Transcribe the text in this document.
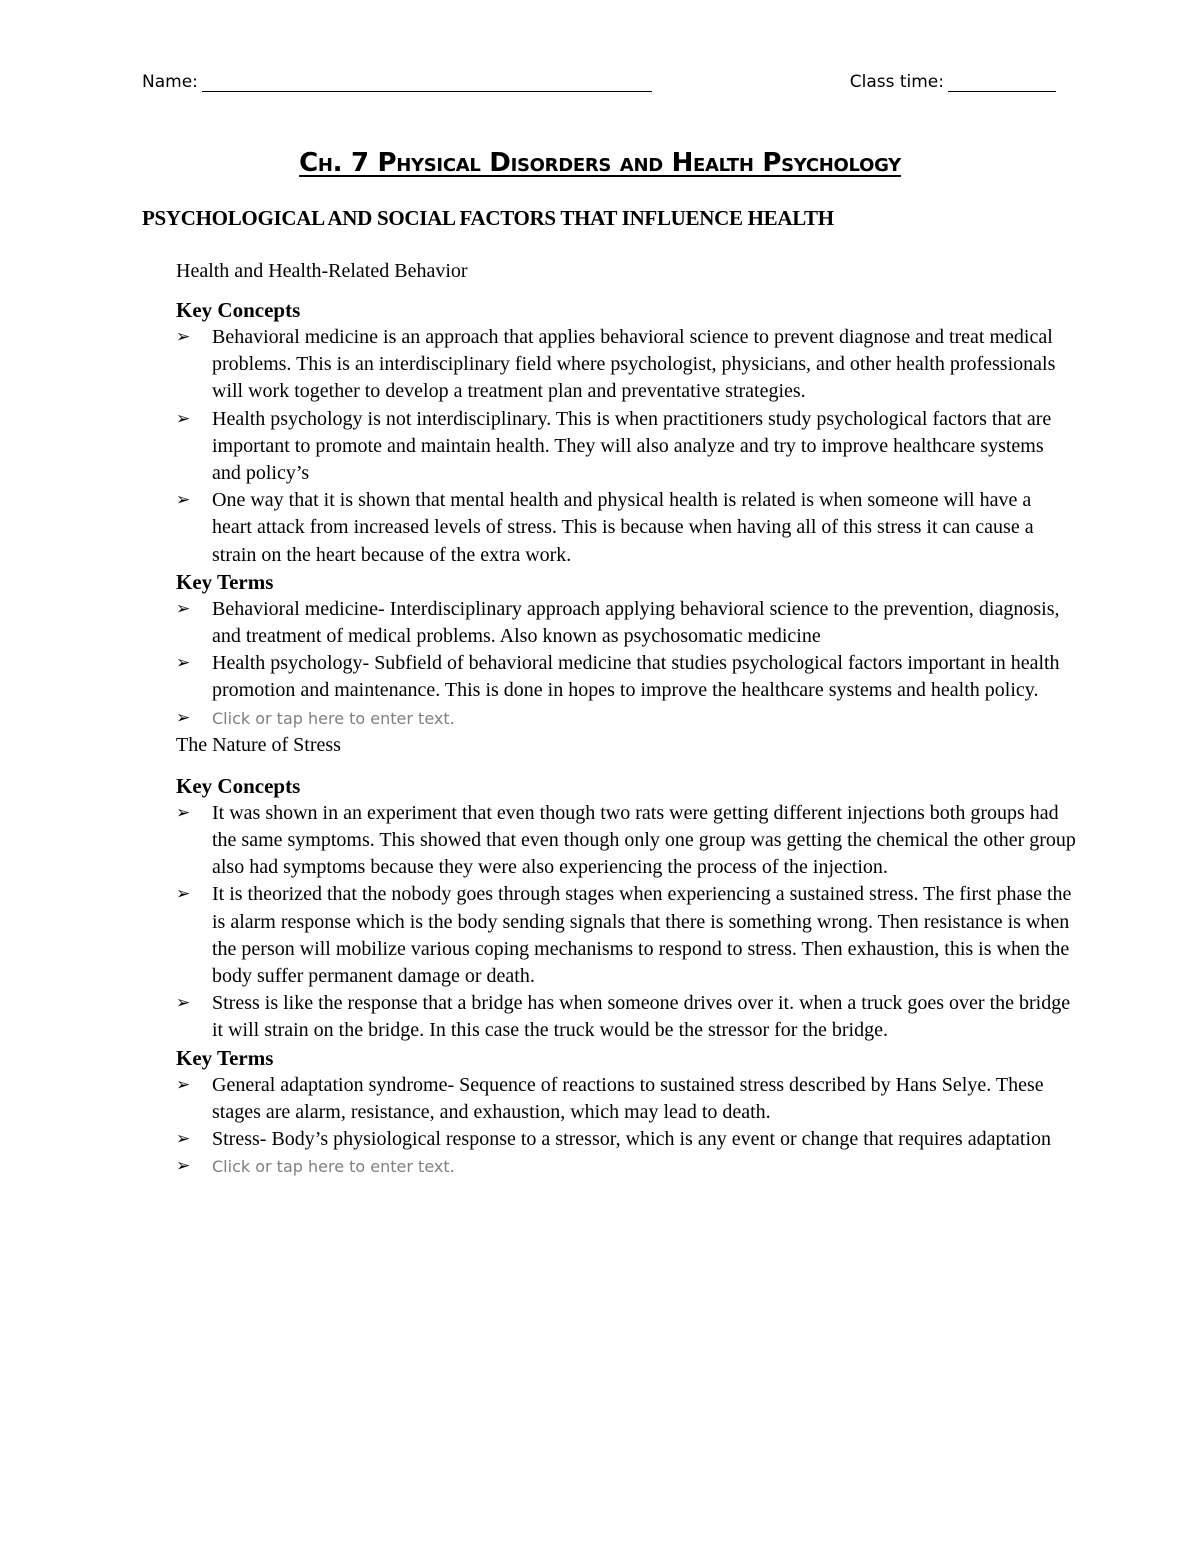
Name:	Class time:
Ch. 7 Physical Disorders and Health Psychology
PSYCHOLOGICAL AND SOCIAL FACTORS THAT INFLUENCE HEALTH
Health and Health-Related Behavior
Key Concepts
➢ Behavioral medicine is an approach that applies behavioral science to prevent diagnose and treat medical problems. This is an interdisciplinary field where psychologist, physicians, and other health professionals will work together to develop a treatment plan and preventative strategies.
➢ Health psychology is not interdisciplinary. This is when practitioners study psychological factors that are important to promote and maintain health. They will also analyze and try to improve healthcare systems and policy’s
➢ One way that it is shown that mental health and physical health is related is when someone will have a heart attack from increased levels of stress. This is because when having all of this stress it can cause a strain on the heart because of the extra work.
Key Terms
➢ Behavioral medicine- Interdisciplinary approach applying behavioral science to the prevention, diagnosis, and treatment of medical problems. Also known as psychosomatic medicine
➢ Health psychology- Subfield of behavioral medicine that studies psychological factors important in health promotion and maintenance. This is done in hopes to improve the healthcare systems and health policy.
➢ Click or tap here to enter text.
The Nature of Stress
Key Concepts
➢ It was shown in an experiment that even though two rats were getting different injections both groups had the same symptoms. This showed that even though only one group was getting the chemical the other group also had symptoms because they were also experiencing the process of the injection.
➢ It is theorized that the nobody goes through stages when experiencing a sustained stress. The first phase the is alarm response which is the body sending signals that there is something wrong. Then resistance is when the person will mobilize various coping mechanisms to respond to stress. Then exhaustion, this is when the body suffer permanent damage or death.
➢ Stress is like the response that a bridge has when someone drives over it. when a truck goes over the bridge it will strain on the bridge. In this case the truck would be the stressor for the bridge.
Key Terms
➢ General adaptation syndrome- Sequence of reactions to sustained stress described by Hans Selye. These stages are alarm, resistance, and exhaustion, which may lead to death.
➢ Stress- Body’s physiological response to a stressor, which is any event or change that requires adaptation
➢ Click or tap here to enter text.
